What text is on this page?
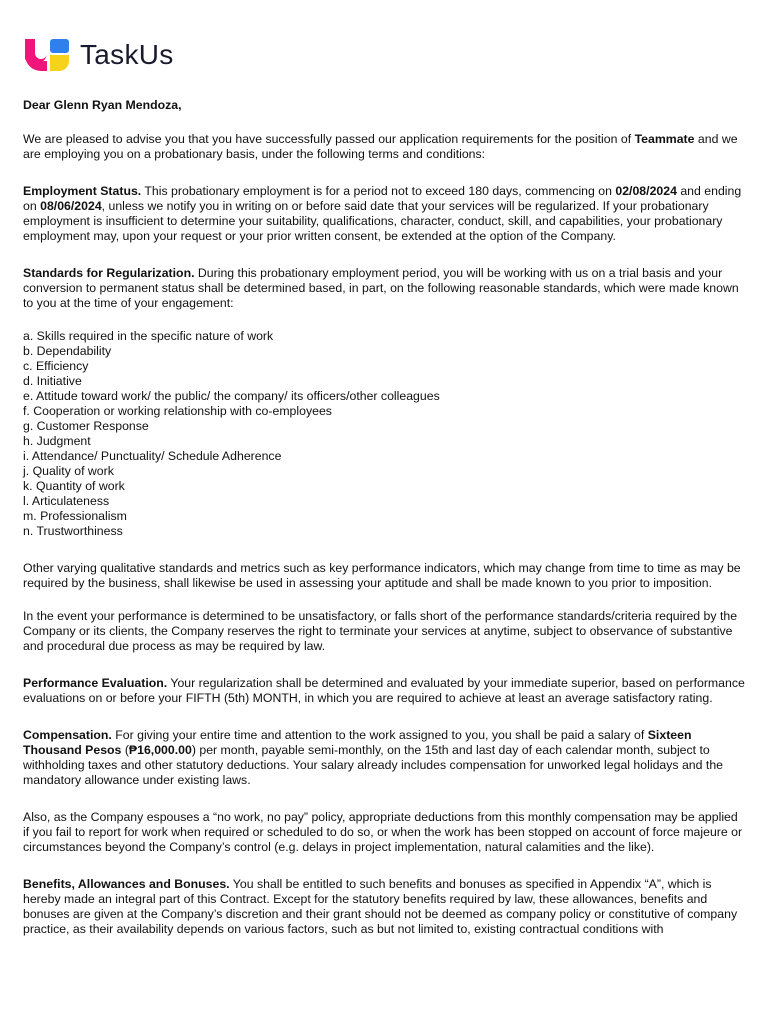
TaskUs

Dear Glenn Ryan Mendoza,

We are pleased to advise you that you have successfully passed our application requirements for the position of Teammate and we are employing you on a probationary basis, under the following terms and conditions:

Employment Status. This probationary employment is for a period not to exceed 180 days, commencing on 02/08/2024 and ending on 08/06/2024, unless we notify you in writing on or before said date that your services will be regularized. If your probationary employment is insufficient to determine your suitability, qualifications, character, conduct, skill, and capabilities, your probationary employment may, upon your request or your prior written consent, be extended at the option of the Company.

Standards for Regularization. During this probationary employment period, you will be working with us on a trial basis and your conversion to permanent status shall be determined based, in part, on the following reasonable standards, which were made known to you at the time of your engagement:

a. Skills required in the specific nature of work
b. Dependability
c. Efficiency
d. Initiative
e. Attitude toward work/ the public/ the company/ its officers/other colleagues
f. Cooperation or working relationship with co-employees
g. Customer Response
h. Judgment
i. Attendance/ Punctuality/ Schedule Adherence
j. Quality of work
k. Quantity of work
l. Articulateness
m. Professionalism
n. Trustworthiness

Other varying qualitative standards and metrics such as key performance indicators, which may change from time to time as may be required by the business, shall likewise be used in assessing your aptitude and shall be made known to you prior to imposition.

In the event your performance is determined to be unsatisfactory, or falls short of the performance standards/criteria required by the Company or its clients, the Company reserves the right to terminate your services at anytime, subject to observance of substantive and procedural due process as may be required by law.

Performance Evaluation. Your regularization shall be determined and evaluated by your immediate superior, based on performance evaluations on or before your FIFTH (5th) MONTH, in which you are required to achieve at least an average satisfactory rating.

Compensation. For giving your entire time and attention to the work assigned to you, you shall be paid a salary of Sixteen Thousand Pesos (₱16,000.00) per month, payable semi-monthly, on the 15th and last day of each calendar month, subject to withholding taxes and other statutory deductions. Your salary already includes compensation for unworked legal holidays and the mandatory allowance under existing laws.

Also, as the Company espouses a “no work, no pay” policy, appropriate deductions from this monthly compensation may be applied if you fail to report for work when required or scheduled to do so, or when the work has been stopped on account of force majeure or circumstances beyond the Company’s control (e.g. delays in project implementation, natural calamities and the like).

Benefits, Allowances and Bonuses. You shall be entitled to such benefits and bonuses as specified in Appendix “A”, which is hereby made an integral part of this Contract. Except for the statutory benefits required by law, these allowances, benefits and bonuses are given at the Company’s discretion and their grant should not be deemed as company policy or constitutive of company practice, as their availability depends on various factors, such as but not limited to, existing contractual conditions with
